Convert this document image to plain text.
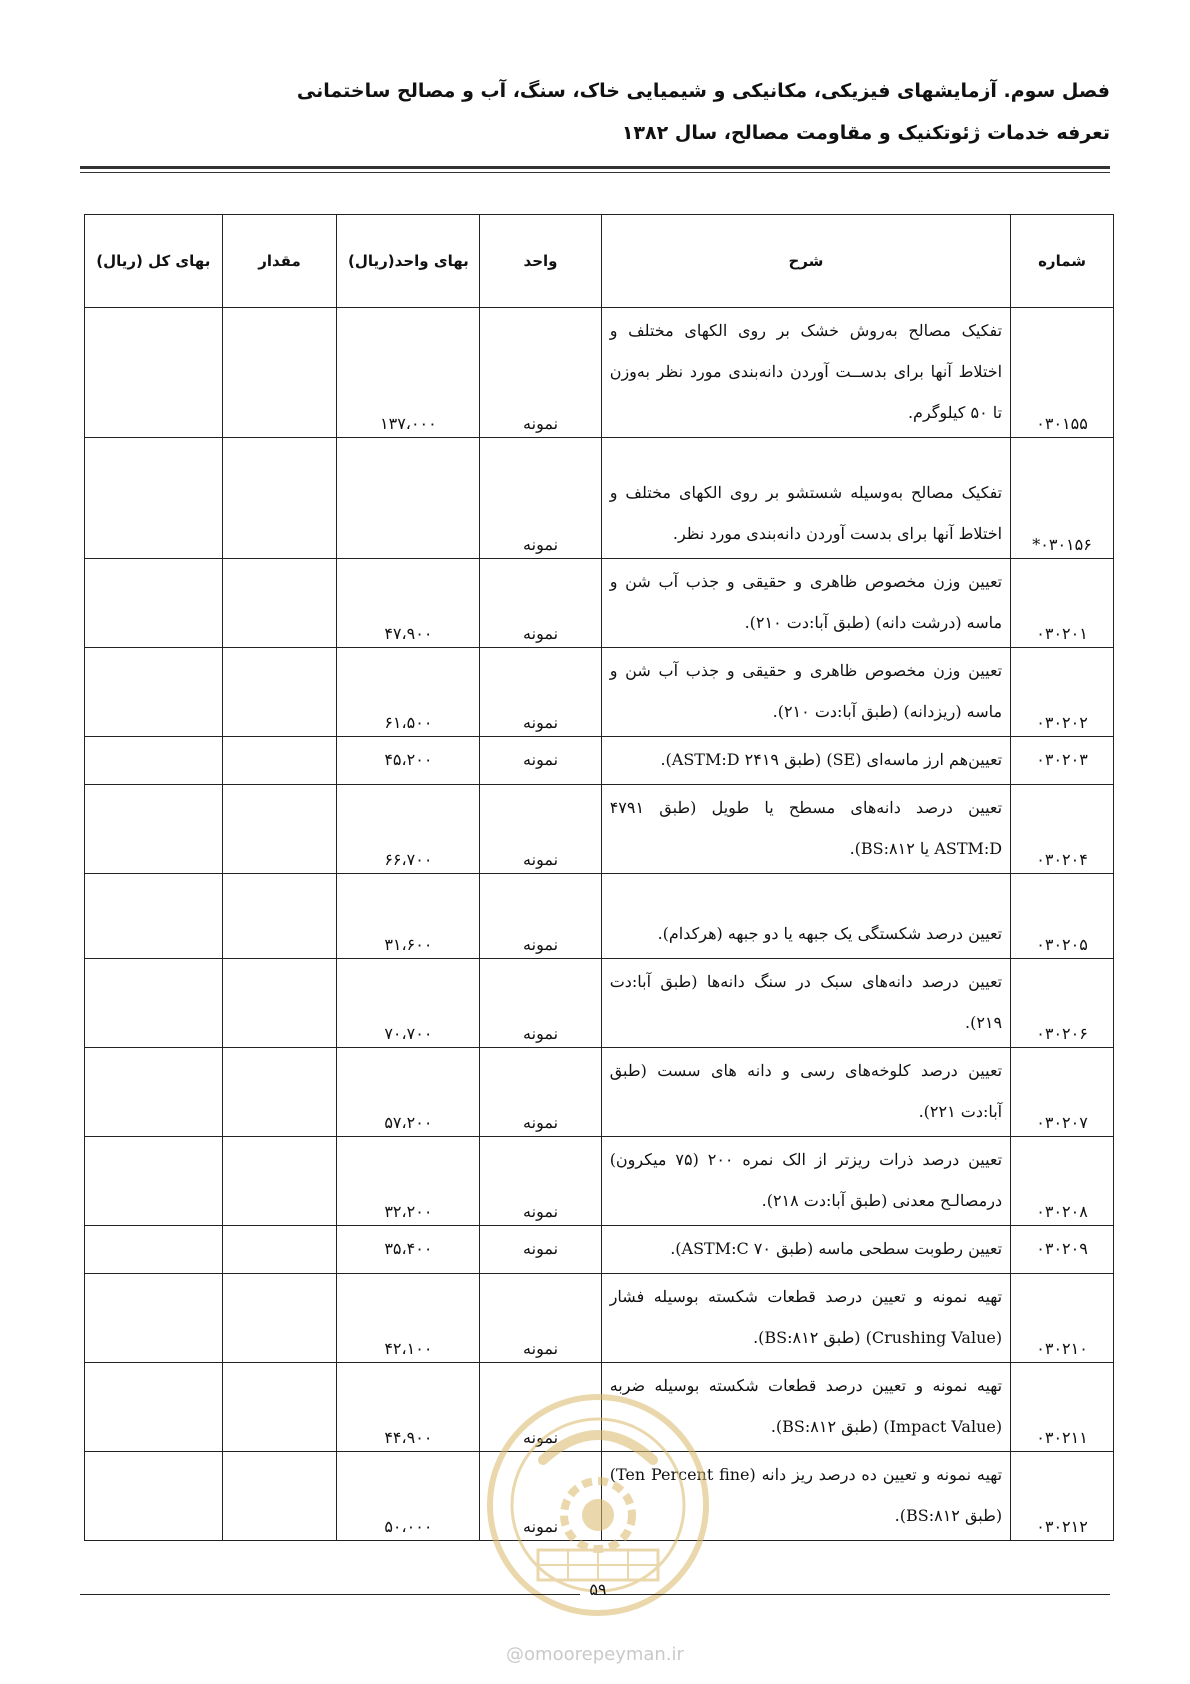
فصل سوم. آزمایشهای فیزیکی، مکانیکی و شیمیایی خاک، سنگ، آب و مصالح ساختمانی
تعرفه خدمات ژئوتکنیک و مقاومت مصالح، سال ۱۳۸۲
شماره	شرح	واحد	بهای واحد(ریال)	مقدار	بهای کل (ریال)
۰۳۰۱۵۵	تفکیک مصالح به‌روش خشک بر روی الکهای مختلف و اختلاط آنها برای بدســت آوردن دانه‌بندی مورد نظر به‌وزن تا ۵۰ کیلوگرم.	نمونه	۱۳۷،۰۰۰		
۰۳۰۱۵۶*	تفکیک مصالح به‌وسیله شستشو بر روی الکهای مختلف و اختلاط آنها برای بدست آوردن دانه‌بندی مورد نظر.	نمونه			
۰۳۰۲۰۱	تعیین وزن مخصوص ظاهری و حقیقی و جذب آب شن و ماسه (درشت دانه) (طبق آبا:دت ۲۱۰).	نمونه	۴۷،۹۰۰		
۰۳۰۲۰۲	تعیین وزن مخصوص ظاهری و حقیقی و جذب آب شن و ماسه (ریزدانه) (طبق آبا:دت ۲۱۰).	نمونه	۶۱،۵۰۰		
۰۳۰۲۰۳	تعیین‌هم ارز ماسه‌ای (SE) (طبق ASTM:D ۲۴۱۹).	نمونه	۴۵،۲۰۰		
۰۳۰۲۰۴	تعیین درصد دانه‌های مسطح یا طویل (طبق ۴۷۹۱ ASTM:D یا BS:۸۱۲).	نمونه	۶۶،۷۰۰		
۰۳۰۲۰۵	تعیین درصد شکستگی یک جبهه یا دو جبهه (هرکدام).	نمونه	۳۱،۶۰۰		
۰۳۰۲۰۶	تعیین درصد دانه‌های سبک در سنگ دانه‌ها (طبق آبا:دت ۲۱۹).	نمونه	۷۰،۷۰۰		
۰۳۰۲۰۷	تعیین درصد کلوخه‌های رسی و دانه های سست (طبق آبا:دت ۲۲۱).	نمونه	۵۷،۲۰۰		
۰۳۰۲۰۸	تعیین درصد ذرات ریزتر از الک نمره ۲۰۰ (۷۵ میکرون) درمصالـح معدنی (طبق آبا:دت ۲۱۸).	نمونه	۳۲،۲۰۰		
۰۳۰۲۰۹	تعیین رطوبت سطحی ماسه (طبق ASTM:C ۷۰).	نمونه	۳۵،۴۰۰		
۰۳۰۲۱۰	تهیه نمونه و تعیین درصد قطعات شکسته بوسیله فشار (Crushing Value) (طبق BS:۸۱۲).	نمونه	۴۲،۱۰۰		
۰۳۰۲۱۱	تهیه نمونه و تعیین درصد قطعات شکسته بوسیله ضربه (Impact Value) (طبق BS:۸۱۲).	نمونه	۴۴،۹۰۰		
۰۳۰۲۱۲	تهیه نمونه و تعیین ده درصد ریز دانه (Ten Percent fine) (طبق BS:۸۱۲).	نمونه	۵۰،۰۰۰		
۵۹
@omoorepeyman.ir
